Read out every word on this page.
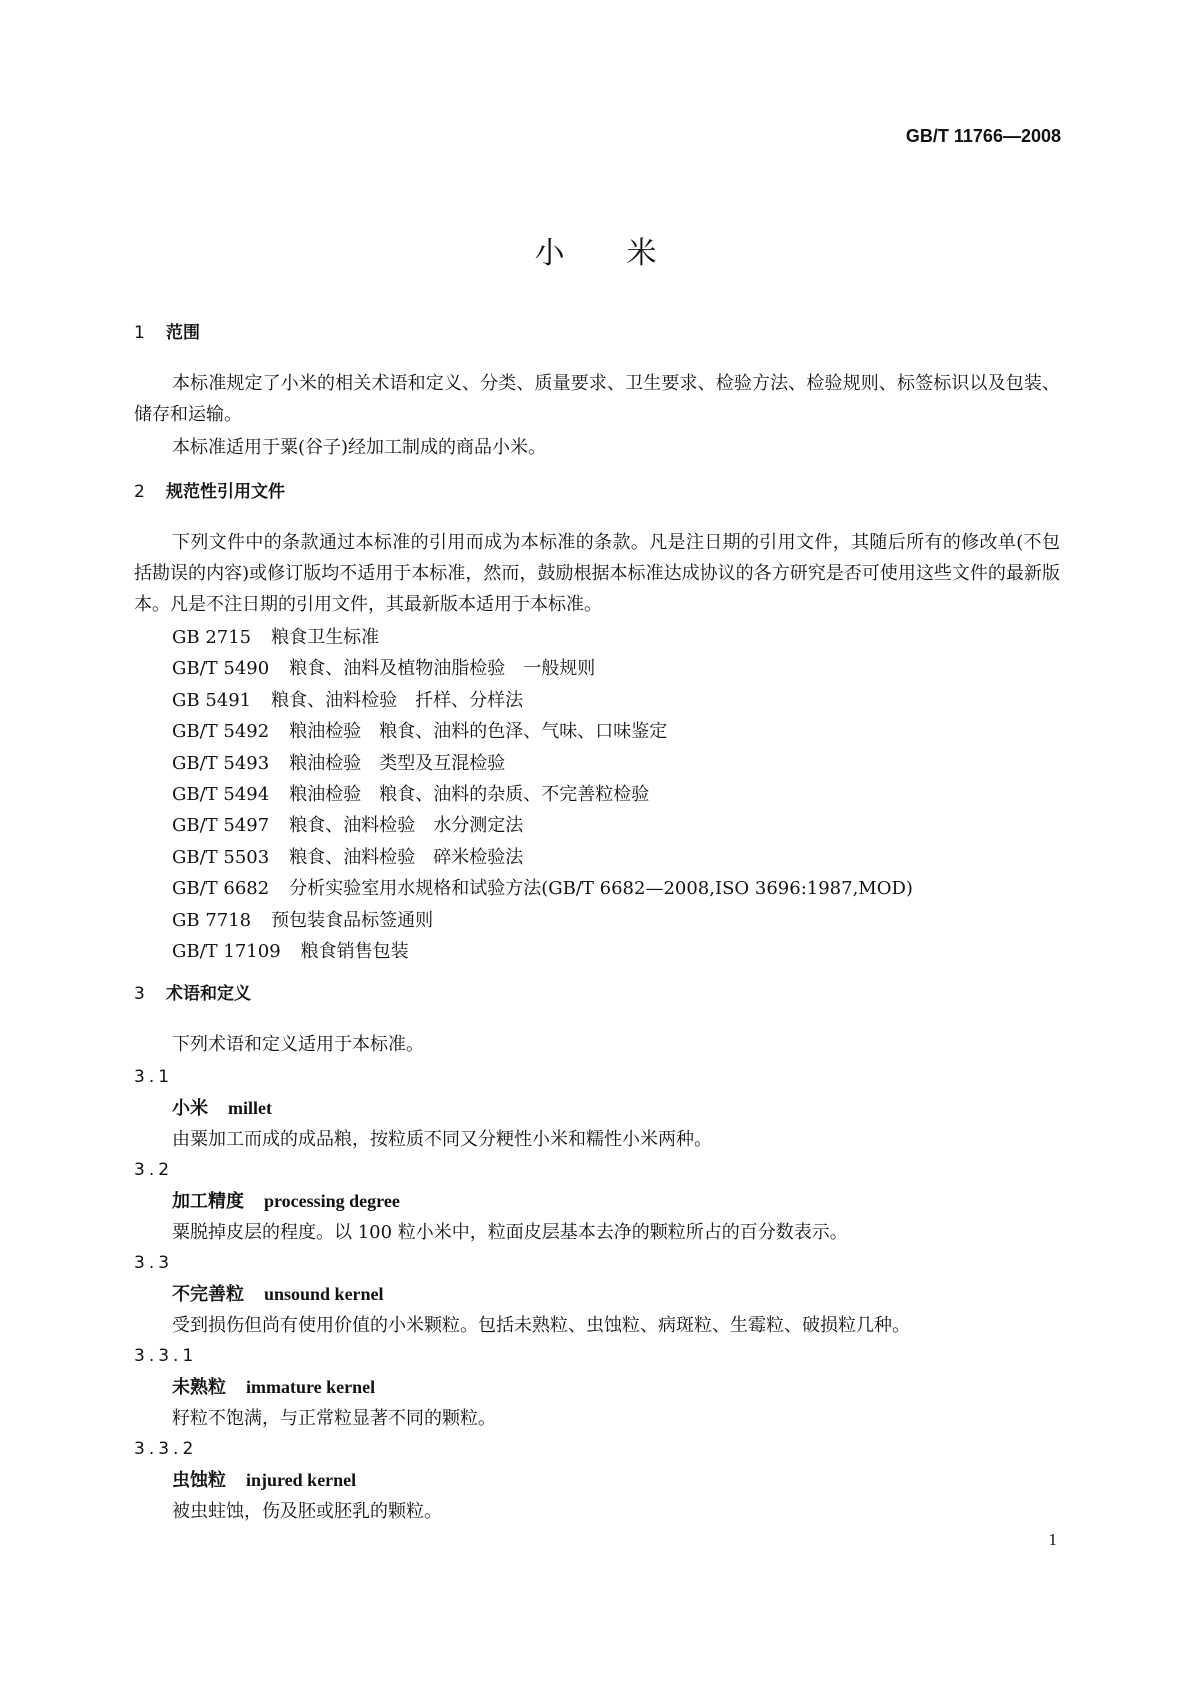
GB/T 11766—2008
小米
1 范围

本标准规定了小米的相关术语和定义、分类、质量要求、卫生要求、检验方法、检验规则、标签标识以及包装、储存和运输。

本标准适用于粟(谷子)经加工制成的商品小米。

2 规范性引用文件

下列文件中的条款通过本标准的引用而成为本标准的条款。凡是注日期的引用文件，其随后所有的修改单(不包括勘误的内容)或修订版均不适用于本标准，然而，鼓励根据本标准达成协议的各方研究是否可使用这些文件的最新版本。凡是不注日期的引用文件，其最新版本适用于本标准。

GB 2715 粮食卫生标准
GB/T 5490 粮食、油料及植物油脂检验　一般规则
GB 5491 粮食、油料检验　扦样、分样法
GB/T 5492 粮油检验　粮食、油料的色泽、气味、口味鉴定
GB/T 5493 粮油检验　类型及互混检验
GB/T 5494 粮油检验　粮食、油料的杂质、不完善粒检验
GB/T 5497 粮食、油料检验　水分测定法
GB/T 5503 粮食、油料检验　碎米检验法
GB/T 6682 分析实验室用水规格和试验方法(GB/T 6682—2008,ISO 3696:1987,MOD)
GB 7718 预包装食品标签通则
GB/T 17109 粮食销售包装
3 术语和定义

下列术语和定义适用于本标准。

3.1
小米 millet
由粟加工而成的成品粮，按粒质不同又分粳性小米和糯性小米两种。
3.2
加工精度 processing degree
粟脱掉皮层的程度。以 100 粒小米中，粒面皮层基本去净的颗粒所占的百分数表示。
3.3
不完善粒 unsound kernel
受到损伤但尚有使用价值的小米颗粒。包括未熟粒、虫蚀粒、病斑粒、生霉粒、破损粒几种。
3.3.1
未熟粒 immature kernel
籽粒不饱满，与正常粒显著不同的颗粒。
3.3.2
虫蚀粒 injured kernel
被虫蛀蚀，伤及胚或胚乳的颗粒。
1
